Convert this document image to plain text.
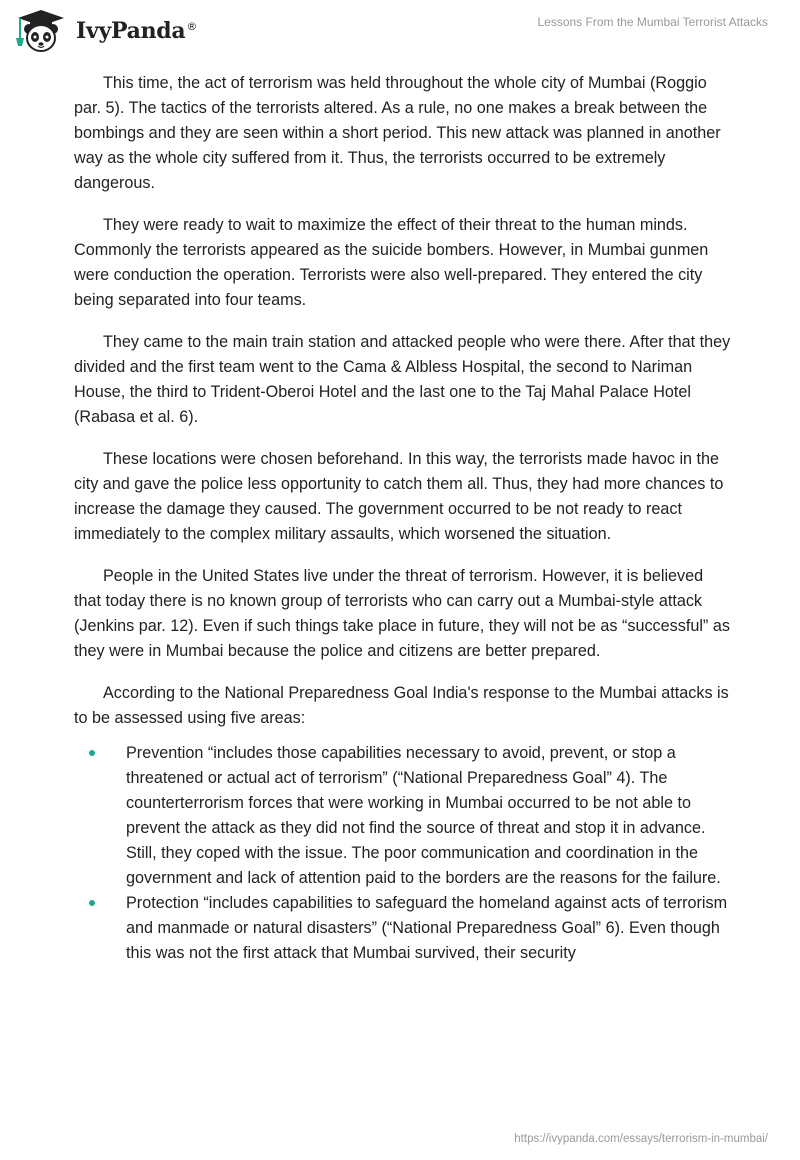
IvyPanda®	Lessons From the Mumbai Terrorist Attacks

This time, the act of terrorism was held throughout the whole city of Mumbai (Roggio par. 5). The tactics of the terrorists altered. As a rule, no one makes a break between the bombings and they are seen within a short period. This new attack was planned in another way as the whole city suffered from it. Thus, the terrorists occurred to be extremely dangerous.

They were ready to wait to maximize the effect of their threat to the human minds. Commonly the terrorists appeared as the suicide bombers. However, in Mumbai gunmen were conduction the operation. Terrorists were also well-prepared. They entered the city being separated into four teams.

They came to the main train station and attacked people who were there. After that they divided and the first team went to the Cama & Albless Hospital, the second to Nariman House, the third to Trident-Oberoi Hotel and the last one to the Taj Mahal Palace Hotel (Rabasa et al. 6).

These locations were chosen beforehand. In this way, the terrorists made havoc in the city and gave the police less opportunity to catch them all. Thus, they had more chances to increase the damage they caused. The government occurred to be not ready to react immediately to the complex military assaults, which worsened the situation.

People in the United States live under the threat of terrorism. However, it is believed that today there is no known group of terrorists who can carry out a Mumbai-style attack (Jenkins par. 12). Even if such things take place in future, they will not be as “successful” as they were in Mumbai because the police and citizens are better prepared.

According to the National Preparedness Goal India's response to the Mumbai attacks is to be assessed using five areas:

Prevention “includes those capabilities necessary to avoid, prevent, or stop a threatened or actual act of terrorism” (“National Preparedness Goal” 4). The counterterrorism forces that were working in Mumbai occurred to be not able to prevent the attack as they did not find the source of threat and stop it in advance. Still, they coped with the issue. The poor communication and coordination in the government and lack of attention paid to the borders are the reasons for the failure.
Protection “includes capabilities to safeguard the homeland against acts of terrorism and manmade or natural disasters” (“National Preparedness Goal” 6). Even though this was not the first attack that Mumbai survived, their security
https://ivypanda.com/essays/terrorism-in-mumbai/
